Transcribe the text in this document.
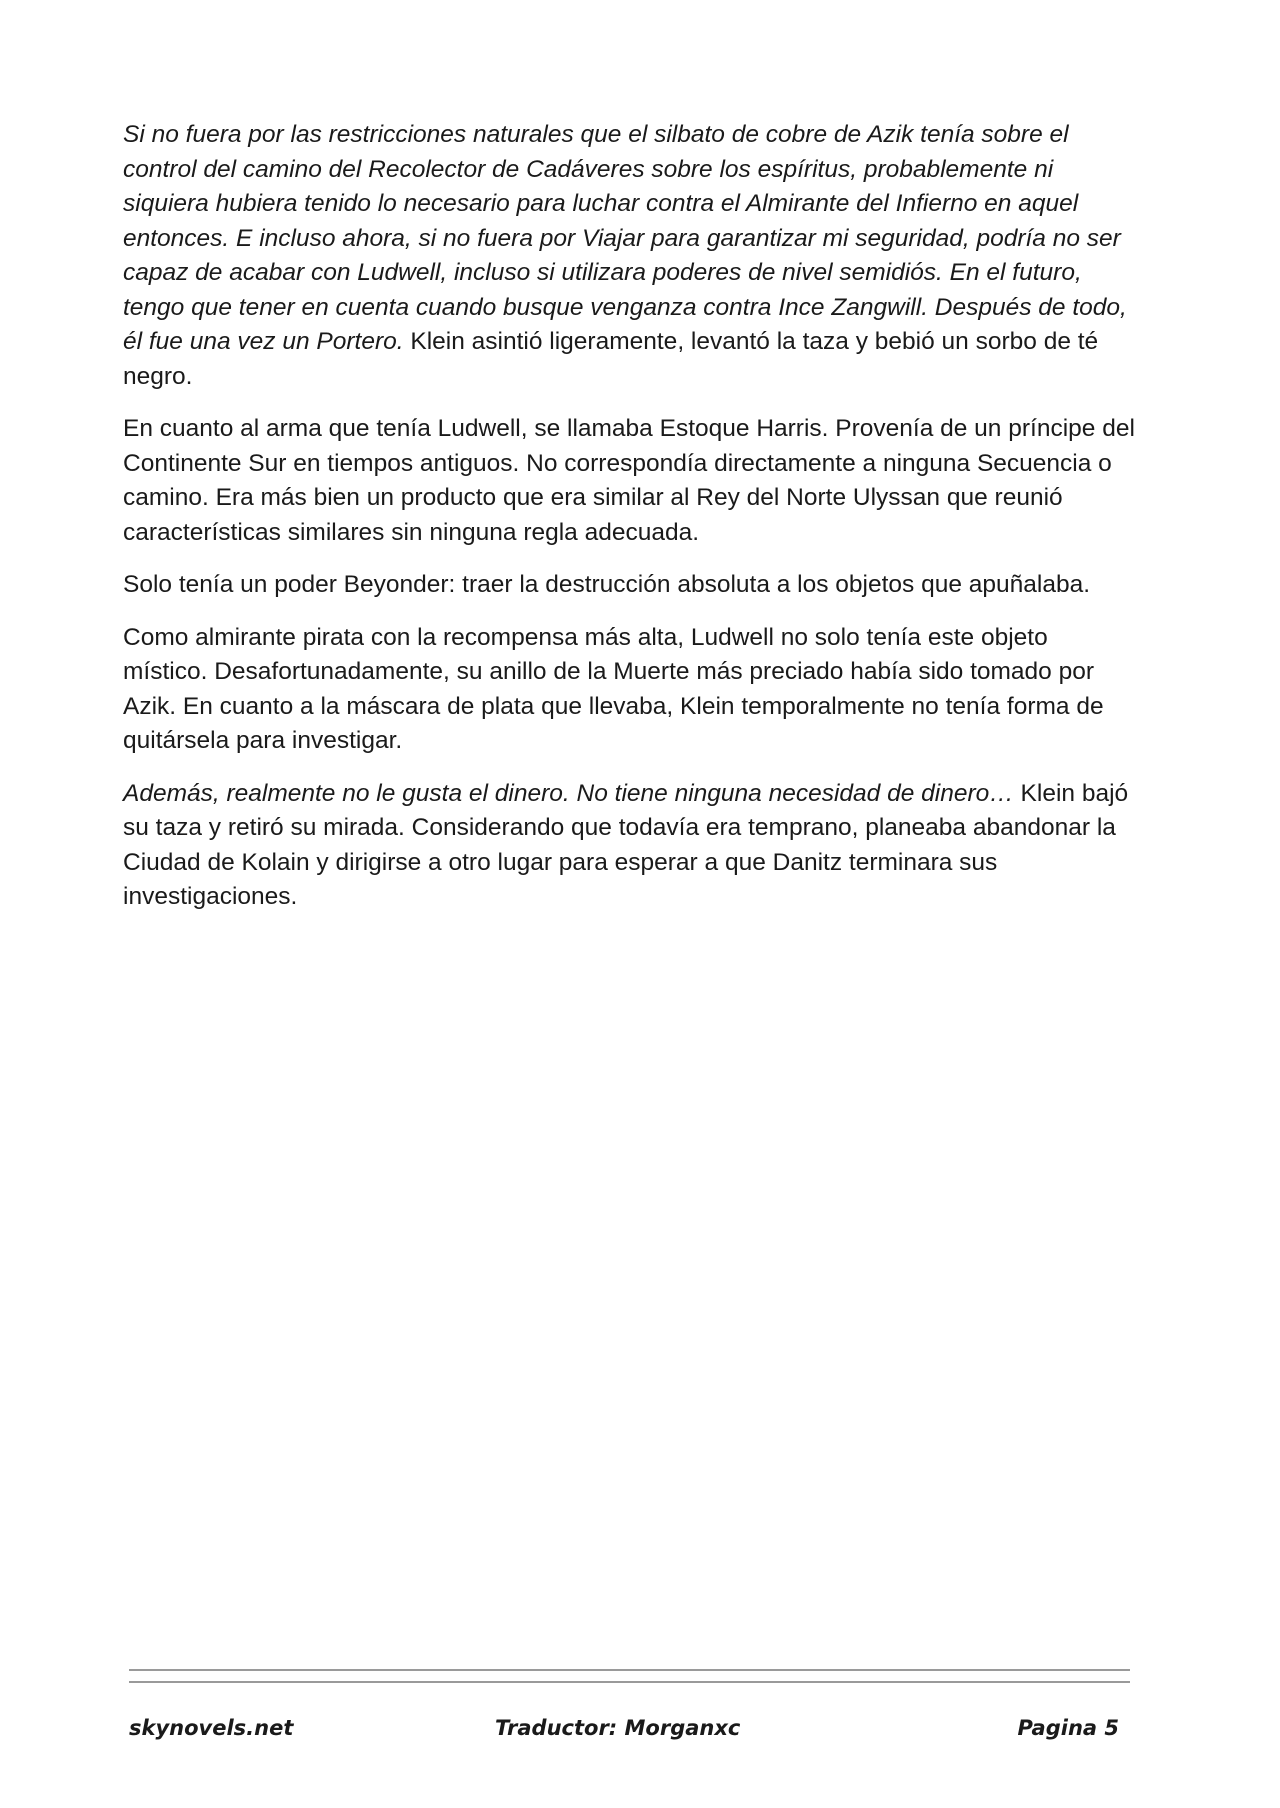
Si no fuera por las restricciones naturales que el silbato de cobre de Azik tenía sobre el control del camino del Recolector de Cadáveres sobre los espíritus, probablemente ni siquiera hubiera tenido lo necesario para luchar contra el Almirante del Infierno en aquel entonces. E incluso ahora, si no fuera por Viajar para garantizar mi seguridad, podría no ser capaz de acabar con Ludwell, incluso si utilizara poderes de nivel semidiós. En el futuro, tengo que tener en cuenta cuando busque venganza contra Ince Zangwill. Después de todo, él fue una vez un Portero. Klein asintió ligeramente, levantó la taza y bebió un sorbo de té negro.

En cuanto al arma que tenía Ludwell, se llamaba Estoque Harris. Provenía de un príncipe del Continente Sur en tiempos antiguos. No correspondía directamente a ninguna Secuencia o camino. Era más bien un producto que era similar al Rey del Norte Ulyssan que reunió características similares sin ninguna regla adecuada.

Solo tenía un poder Beyonder: traer la destrucción absoluta a los objetos que apuñalaba.

Como almirante pirata con la recompensa más alta, Ludwell no solo tenía este objeto místico. Desafortunadamente, su anillo de la Muerte más preciado había sido tomado por Azik. En cuanto a la máscara de plata que llevaba, Klein temporalmente no tenía forma de quitársela para investigar.

Además, realmente no le gusta el dinero. No tiene ninguna necesidad de dinero… Klein bajó su taza y retiró su mirada. Considerando que todavía era temprano, planeaba abandonar la Ciudad de Kolain y dirigirse a otro lugar para esperar a que Danitz terminara sus investigaciones.

skynovels.net	Traductor: Morganxc	Pagina 5
